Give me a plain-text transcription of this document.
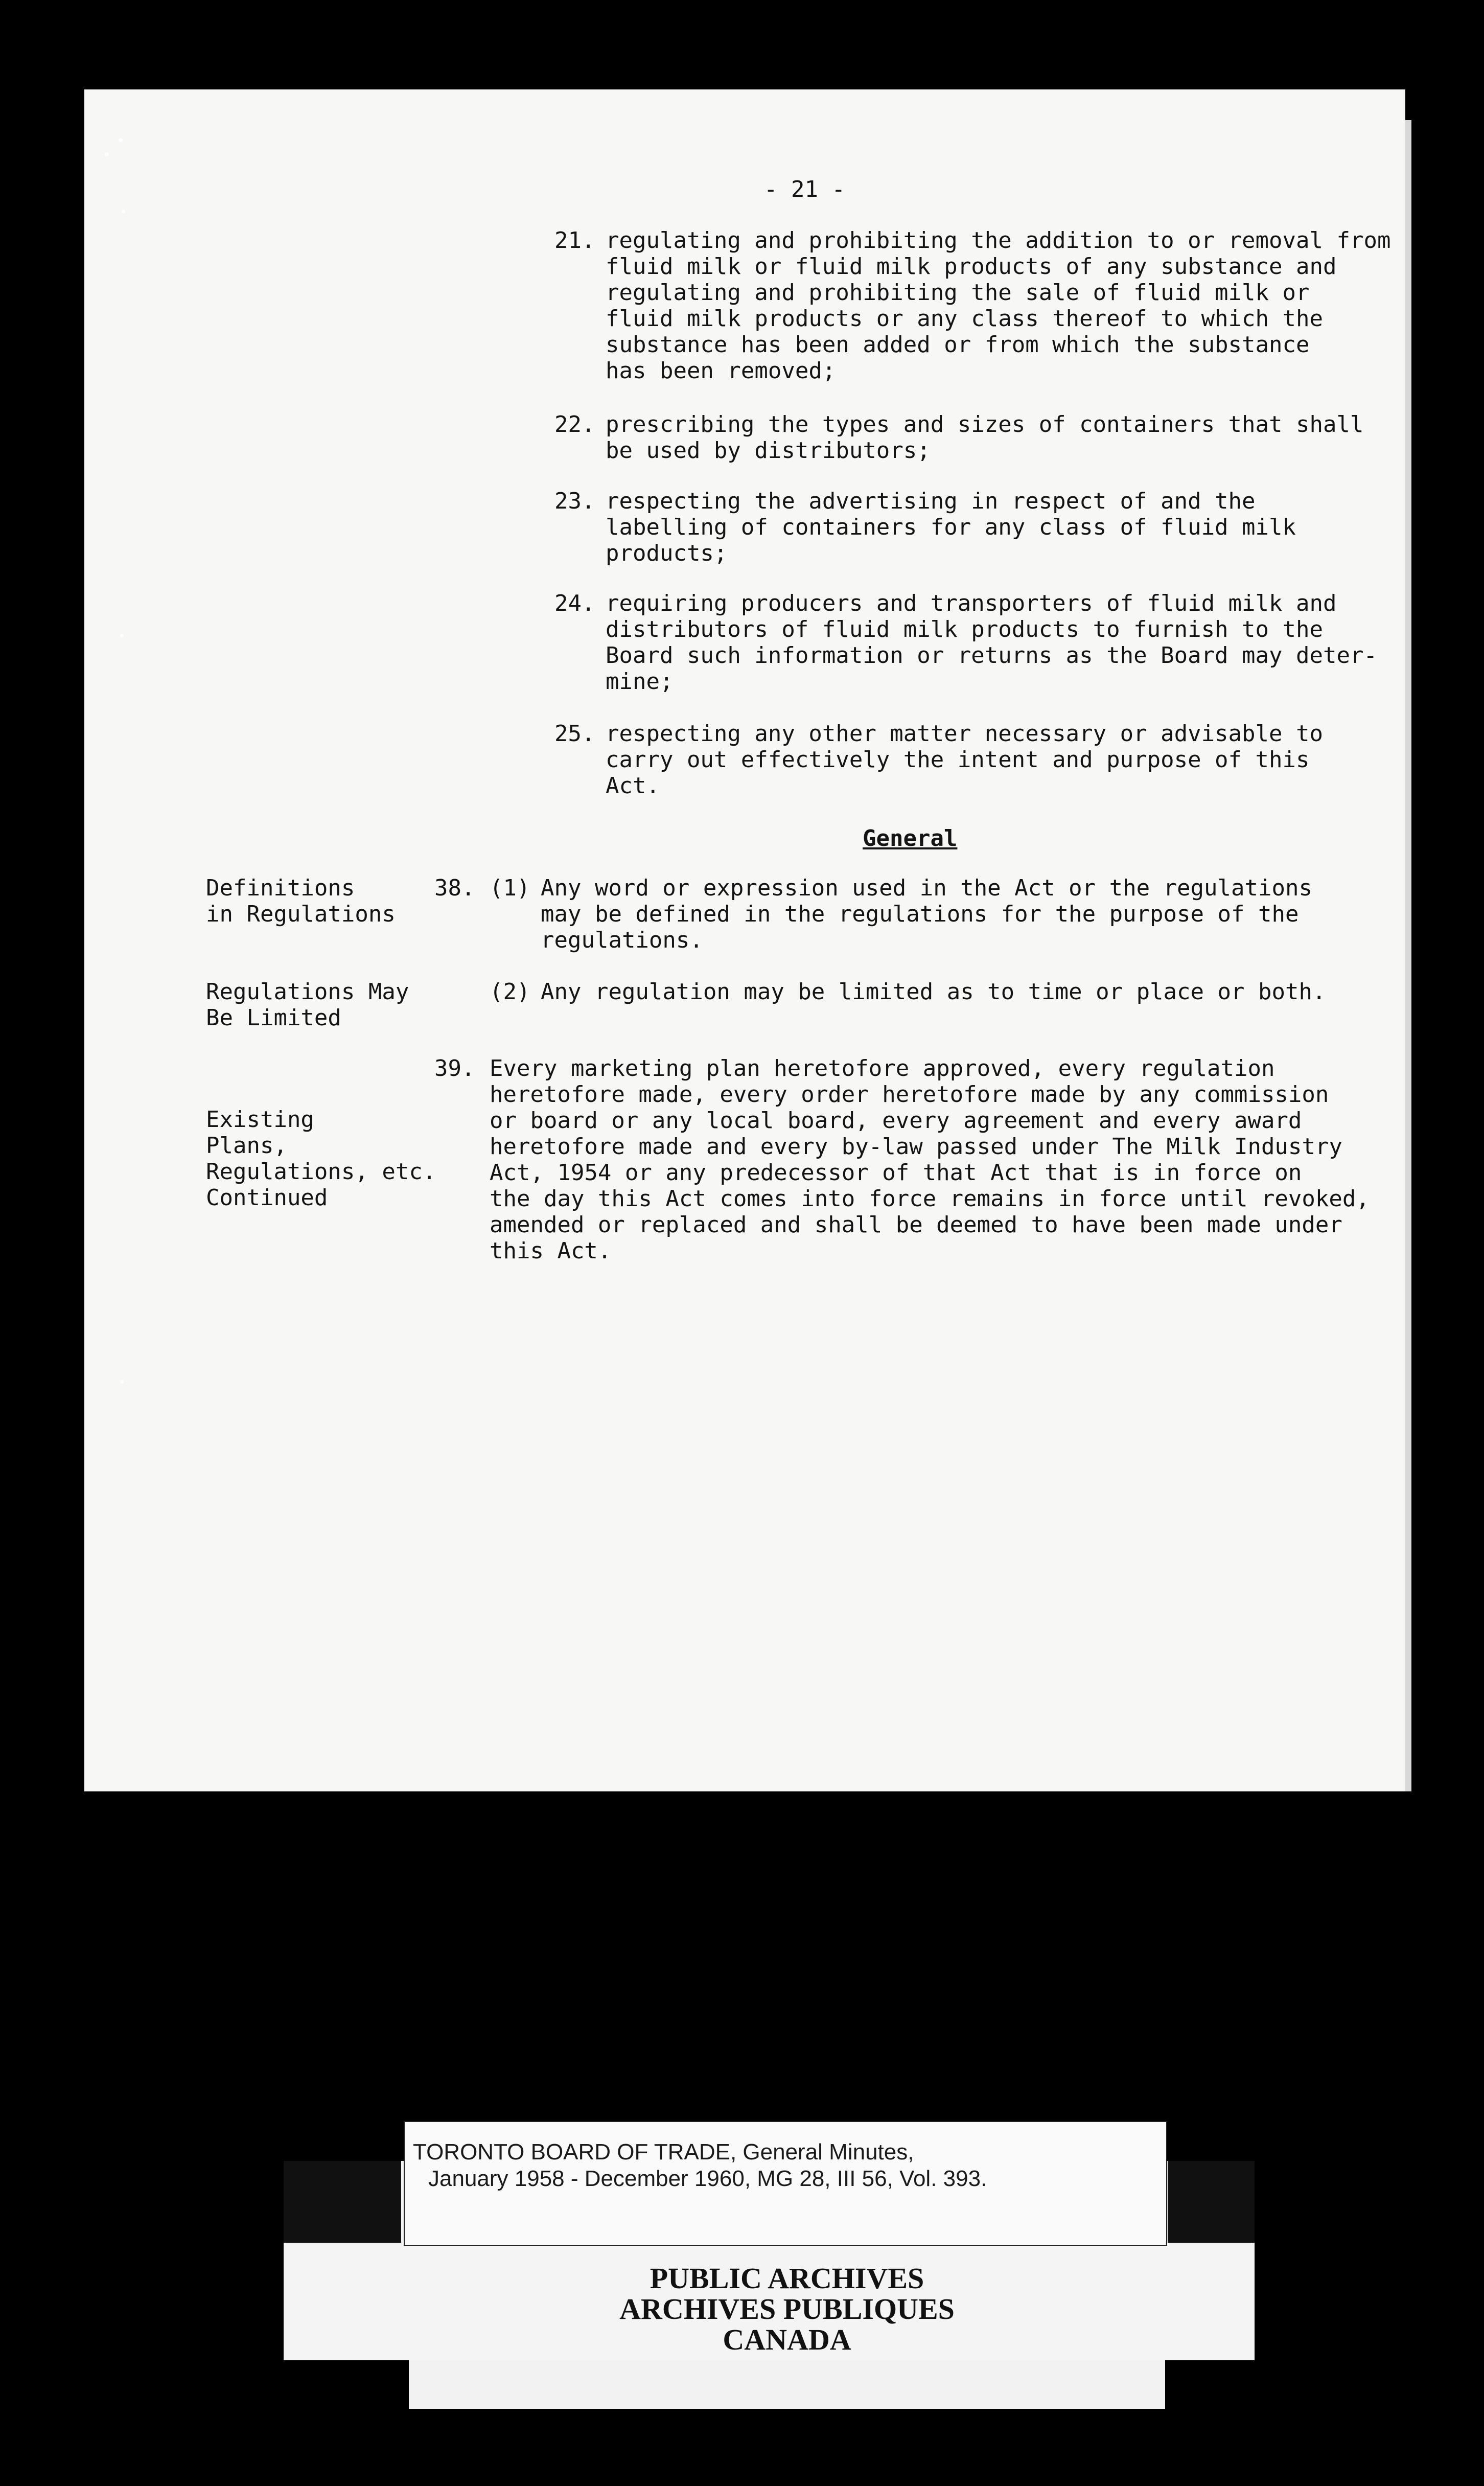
- 21 -
21. regulating and prohibiting the addition to or removal from
fluid milk or fluid milk products of any substance and
regulating and prohibiting the sale of fluid milk or
fluid milk products or any class thereof to which the
substance has been added or from which the substance
has been removed;
22. prescribing the types and sizes of containers that shall
be used by distributors;
23. respecting the advertising in respect of and the
labelling of containers for any class of fluid milk
products;
24. requiring producers and transporters of fluid milk and
distributors of fluid milk products to furnish to the
Board such information or returns as the Board may deter-
mine;
25. respecting any other matter necessary or advisable to
carry out effectively the intent and purpose of this
Act.
General
Definitions
in Regulations
Regulations May
Be Limited
Existing
Plans,
Regulations, etc.
Continued
38. (1) Any word or expression used in the Act or the regulations
may be defined in the regulations for the purpose of the
regulations.
(2) Any regulation may be limited as to time or place or both.
39. Every marketing plan heretofore approved, every regulation
heretofore made, every order heretofore made by any commission
or board or any local board, every agreement and every award
heretofore made and every by-law passed under The Milk Industry
Act, 1954 or any predecessor of that Act that is in force on
the day this Act comes into force remains in force until revoked,
amended or replaced and shall be deemed to have been made under
this Act.
TORONTO BOARD OF TRADE, General Minutes,
January 1958 - December 1960, MG 28, III 56, Vol. 393.
PUBLIC ARCHIVES
ARCHIVES PUBLIQUES
CANADA
